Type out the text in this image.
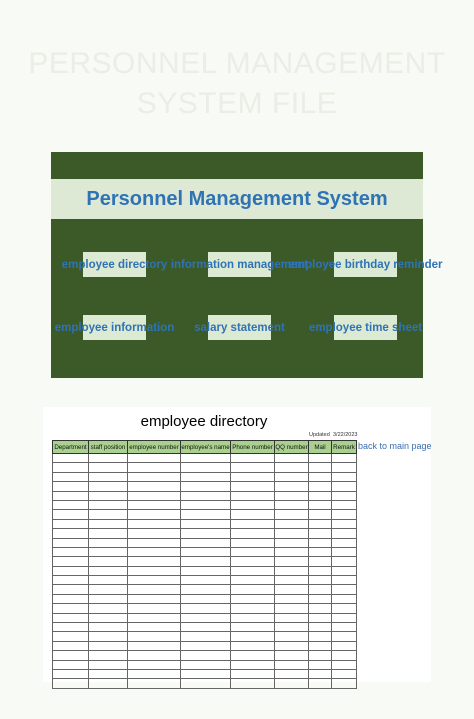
PERSONNEL MANAGEMENT
SYSTEM FILE
Personnel Management System
employee directory information management
employee birthday reminder
employee information salary statement employee time sheet
employee directory
Updated 3/22/2023
back to main page
Department	staff position	employee number	employee's name	Phone number	QQ number	Mail	Remark
